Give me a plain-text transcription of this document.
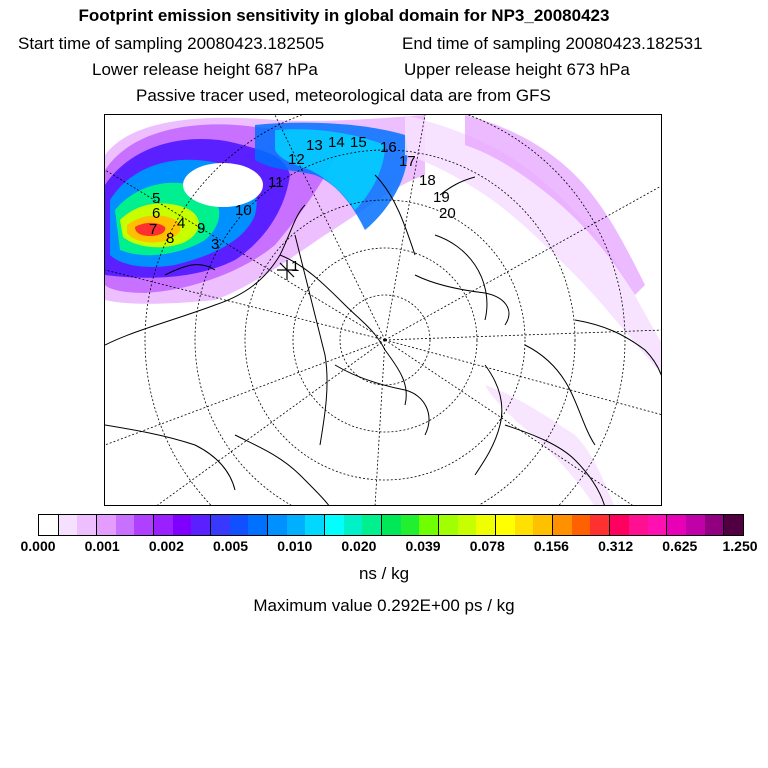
Footprint emission sensitivity in global domain for NP3_20080423
Start time of sampling 20080423.182505	End time of sampling 20080423.182531
Lower release height 687 hPa	Upper release height 673 hPa
Passive tracer used, meteorological data are from GFS
1
3
4
5
6
7
8
9
10
11
12
13 14 15 16
17
18
19
20
0.000 0.001 0.002 0.005 0.010 0.020 0.039 0.078 0.156 0.312 0.625 1.250
ns / kg
Maximum value 0.292E+00 ps / kg
